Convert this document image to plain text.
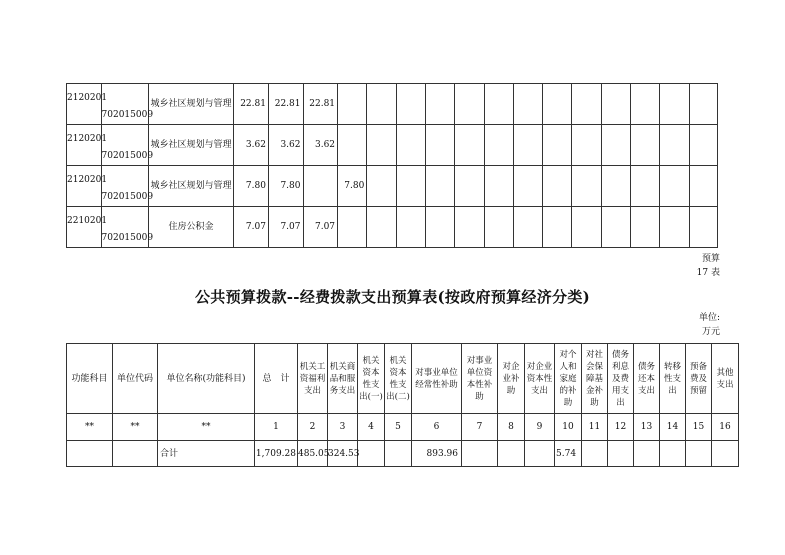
2120201	702015009	城乡社区规划与管理	22.81	22.81	22.81													
2120201	702015009	城乡社区规划与管理	3.62	3.62	3.62													
2120201	702015009	城乡社区规划与管理	7.80	7.80		7.80												
2210201	702015009	住房公积金	7.07	7.07	7.07													
预算
17 表
公共预算拨款--经费拨款支出预算表(按政府预算经济分类)
单位:
万元
功能科目	单位代码	单位名称(功能科目)	总　计	机关工资福利支出	机关商品和服务支出	机关资本性支出(一)	机关资本性支出(二)	对事业单位经常性补助	对事业单位资本性补助	对企业补助	对企业资本性支出	对个人和家庭的补助	对社会保障基金补助	债务利息及费用支出	债务还本支出	转移性支出	预备费及预留	其他支出
**	**	**	1	2	3	4	5	6	7	8	9	10	11	12	13	14	15	16
		合计	1,709.28	485.05	324.53			893.96				5.74						
